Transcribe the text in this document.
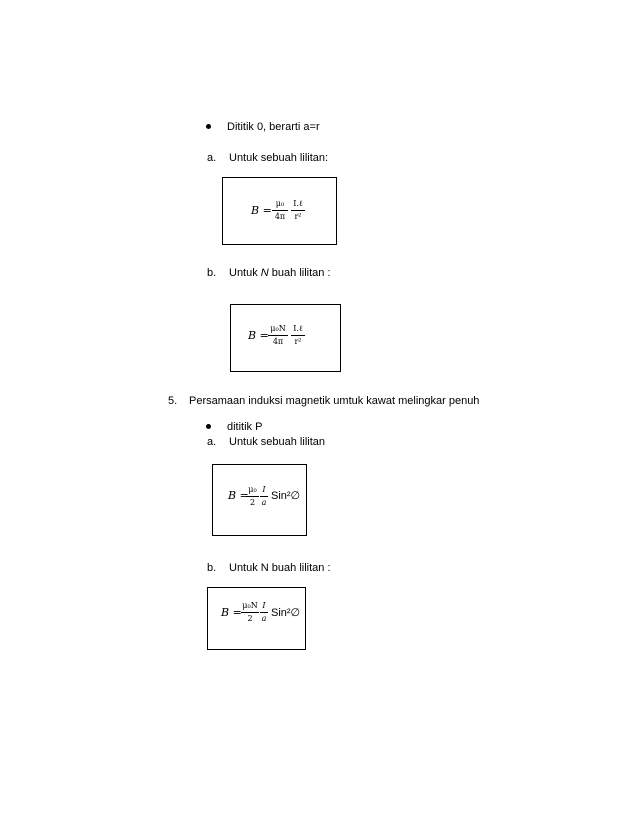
Dititik 0, berarti a=r
a. Untuk sebuah lilitan:
B =
μ₀
4π
I.ℓ
r²
b. Untuk N buah lilitan :
B =
μ₀N
4π
I.ℓ
r²
5. Persamaan induksi magnetik umtuk kawat melingkar penuh
dititik P
a. Untuk sebuah lilitan
B = μ₀
2
I
a
Sin²∅
b. Untuk N buah lilitan :
B =
μ₀N
2
I
a Sin²∅
